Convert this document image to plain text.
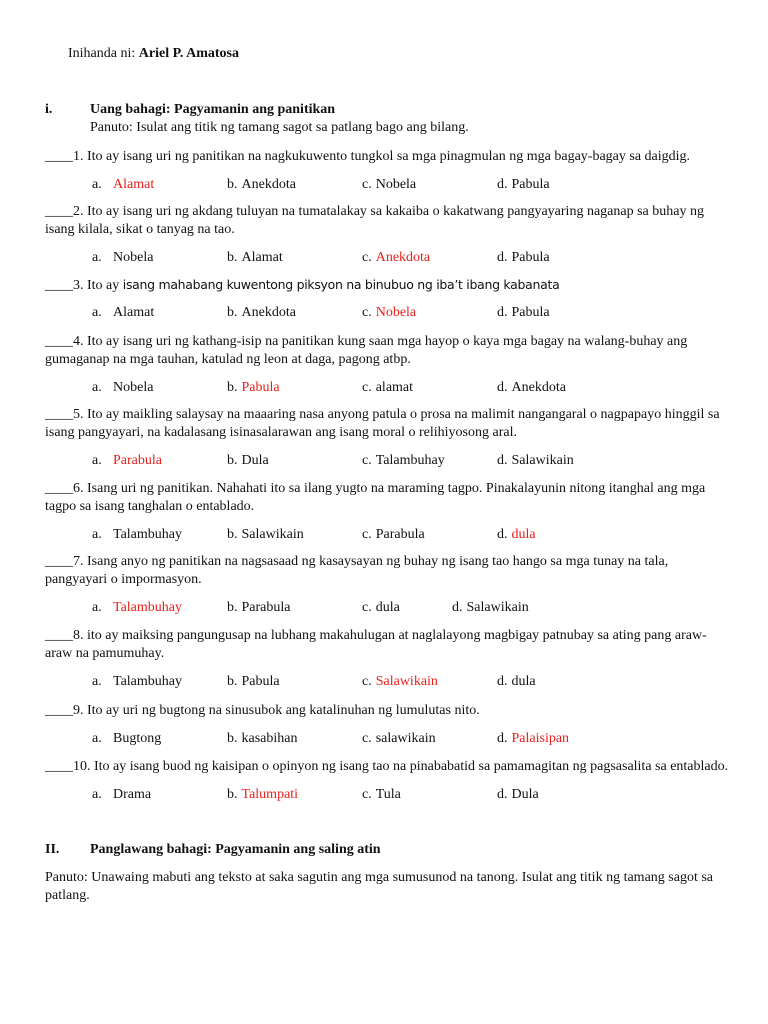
Inihanda ni: Ariel P. Amatosa
i.	Uang bahagi: Pagyamanin ang panitikan
Panuto: Isulat ang titik ng tamang sagot sa patlang bago ang bilang.
____1. Ito ay isang uri ng panitikan na nagkukuwento tungkol sa mga pinagmulan ng mga bagay-bagay sa daigdig.
a. Alamat	b. Anekdota	c. Nobela	d. Pabula
____2. Ito ay isang uri ng akdang tuluyan na tumatalakay sa kakaiba o kakatwang pangyayaring naganap sa buhay ng
isang kilala, sikat o tanyag na tao.
a. Nobela	b. Alamat	c. Anekdota	d. Pabula
____3. Ito ay isang mahabang kuwentong piksyon na binubuo ng iba’t ibang kabanata
a. Alamat	b. Anekdota	c. Nobela	d. Pabula
____4. Ito ay isang uri ng kathang-isip na panitikan kung saan mga hayop o kaya mga bagay na walang-buhay ang
gumaganap na mga tauhan, katulad ng leon at daga, pagong atbp.
a. Nobela	b. Pabula	c. alamat	d. Anekdota
____5. Ito ay maikling salaysay na maaaring nasa anyong patula o prosa na malimit nangangaral o nagpapayo hinggil sa
isang pangyayari, na kadalasang isinasalarawan ang isang moral o relihiyosong aral.
a. Parabula	b. Dula	c. Talambuhay	d. Salawikain
____6. Isang uri ng panitikan. Nahahati ito sa ilang yugto na maraming tagpo. Pinakalayunin nitong itanghal ang mga
tagpo sa isang tanghalan o entablado.
a. Talambuhay	b. Salawikain	c. Parabula	d. dula
____7. Isang anyo ng panitikan na nagsasaad ng kasaysayan ng buhay ng isang tao hango sa mga tunay na tala,
pangyayari o impormasyon.
a. Talambuhay	b. Parabula	c. dula	d. Salawikain
____8. ito ay maiksing pangungusap na lubhang makahulugan at naglalayong magbigay patnubay sa ating pang araw-
araw na pamumuhay.
a. Talambuhay	b. Pabula	c. Salawikain	d. dula
____9. Ito ay uri ng bugtong na sinusubok ang katalinuhan ng lumulutas nito.
a. Bugtong	b. kasabihan	c. salawikain	d. Palaisipan
____10. Ito ay isang buod ng kaisipan o opinyon ng isang tao na pinababatid sa pamamagitan ng pagsasalita sa entablado.
a. Drama	b. Talumpati	c. Tula	d. Dula
II. Panglawang bahagi: Pagyamanin ang saling atin
Panuto: Unawaing mabuti ang teksto at saka sagutin ang mga sumusunod na tanong. Isulat ang titik ng tamang sagot sa
patlang.
